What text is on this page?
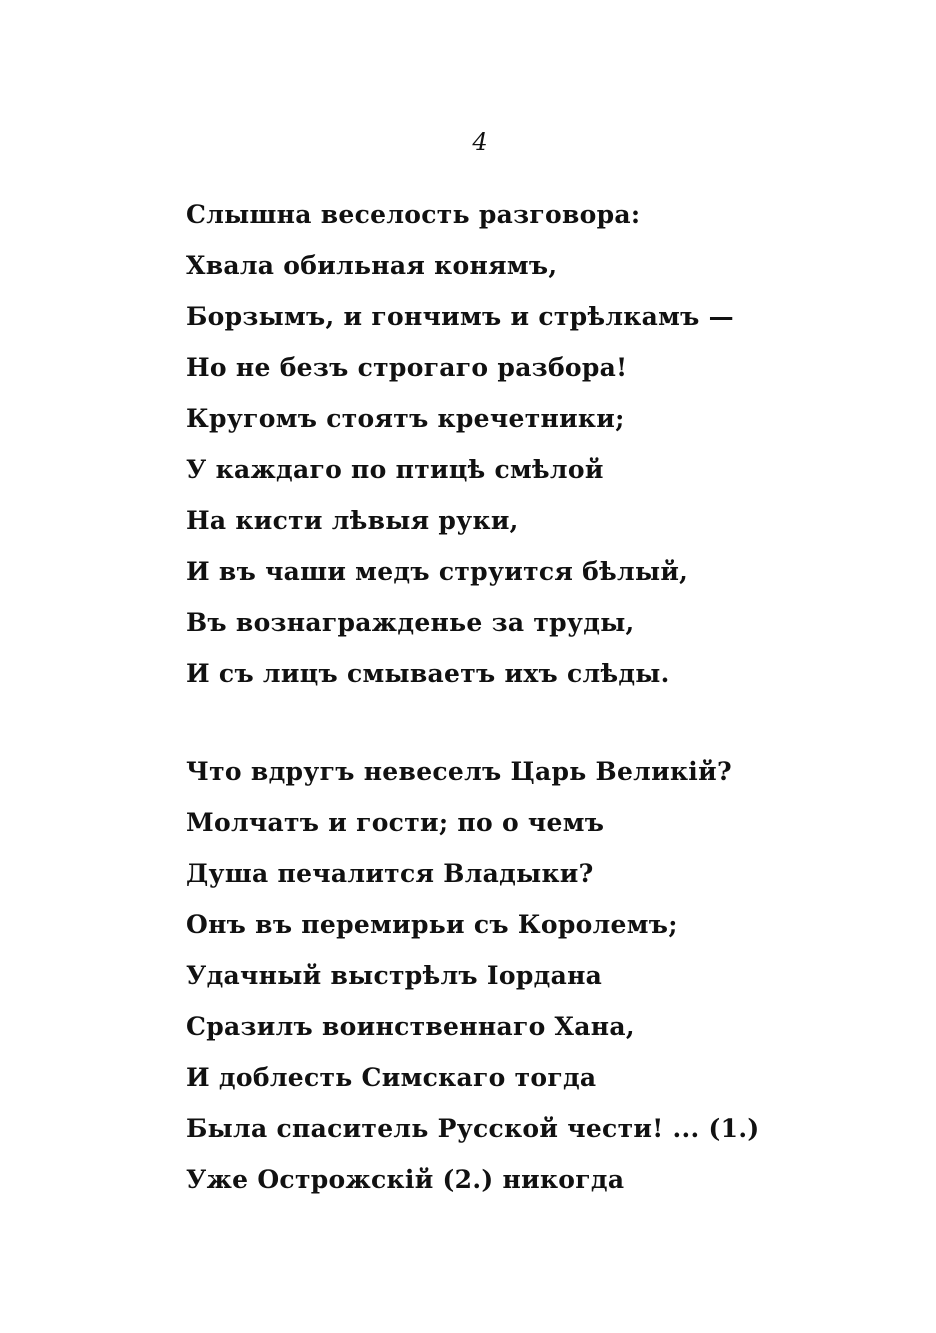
4
Слышна веселость разговора:
Хвала обильная конямъ,
Борзымъ, и гончимъ и стрѣлкамъ —
Но не безъ строгаго разбора!
Кругомъ стоятъ кречетники;
У каждаго по птицѣ смѣлой
На кисти лѣвыя руки,
И въ чаши медъ струится бѣлый,
Въ вознагражденье за труды,
И съ лицъ смываетъ ихъ слѣды.
Что вдругъ невеселъ Царь Великій?
Молчатъ и гости; по о чемъ
Душа печалится Владыки?
Онъ въ перемирьи съ Королемъ;
Удачный выстрѣлъ Іордана
Сразилъ воинственнаго Хана,
И доблесть Симскаго тогда
Была спаситель Русской чести! ... (1.)
Уже Острожскій (2.) никогда
